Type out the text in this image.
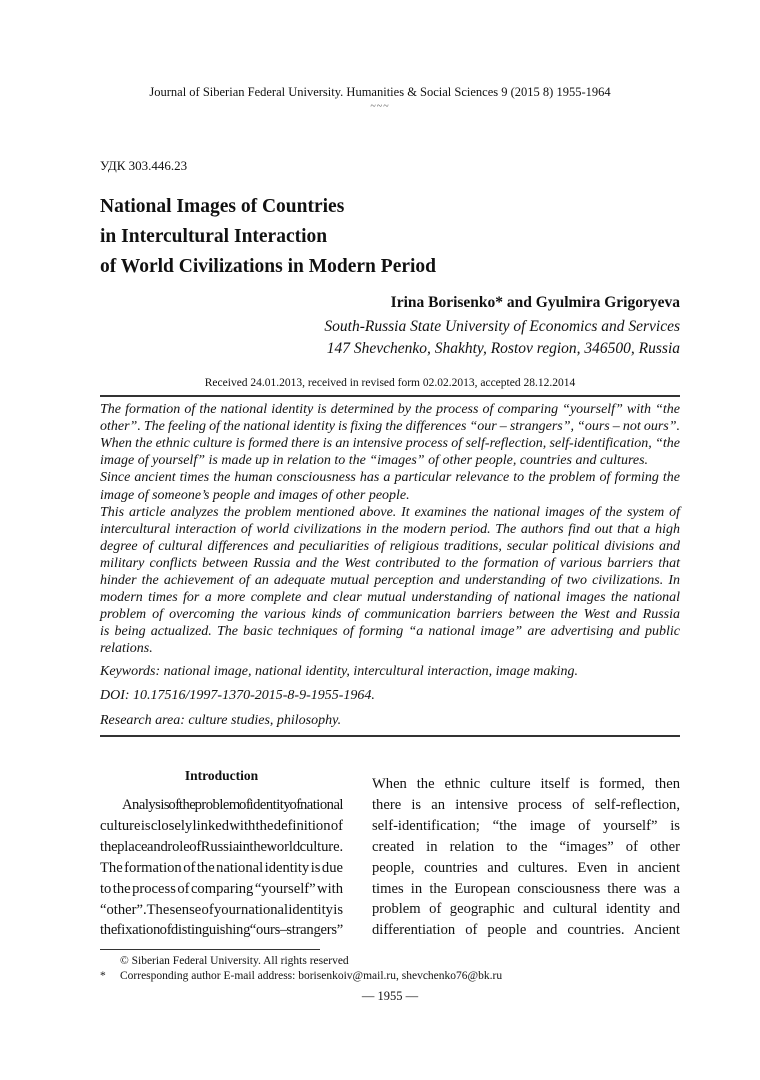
Journal of Siberian Federal University. Humanities & Social Sciences 9 (2015 8) 1955-1964
~~~
УДК 303.446.23
National Images of Countries
in Intercultural Interaction
of World Civilizations in Modern Period
Irina Borisenko* and Gyulmira Grigoryeva
South-Russia State University of Economics and Services
147 Shevchenko, Shakhty, Rostov region, 346500, Russia
Received 24.01.2013, received in revised form 02.02.2013, accepted 28.12.2014
The formation of the national identity is determined by the process of comparing “yourself” with “the
other”. The feeling of the national identity is fixing the differences “our – strangers”, “ours – not ours”.
When the ethnic culture is formed there is an intensive process of self-reflection, self-identification, “the
image of yourself” is made up in relation to the “images” of other people, countries and cultures.
Since ancient times the human consciousness has a particular relevance to the problem of forming the
image of someone’s people and images of other people.
This article analyzes the problem mentioned above. It examines the national images of the system of
intercultural interaction of world civilizations in the modern period. The authors find out that a high
degree of cultural differences and peculiarities of religious traditions, secular political divisions and
military conflicts between Russia and the West contributed to the formation of various barriers that
hinder the achievement of an adequate mutual perception and understanding of two civilizations. In
modern times for a more complete and clear mutual understanding of national images the national
problem of overcoming the various kinds of communication barriers between the West and Russia
is being actualized. The basic techniques of forming “a national image” are advertising and public
relations.
Keywords: national image, national identity, intercultural interaction, image making.
DOI: 10.17516/1997-1370-2015-8-9-1955-1964.
Research area: culture studies, philosophy.
Introduction
Analysis of the problem of identity of national
culture is closely linked with the definition of
the place and role of Russia in the world culture.
The formation of the national identity is due
to the process of comparing “yourself” with
“other”. The sense of your national identity is
the fixation of distinguishing “ours – strangers”
When the ethnic culture itself is formed, then
there is an intensive process of self-reflection,
self-identification; “the image of yourself” is
created in relation to the “images” of other
people, countries and cultures. Even in ancient
times in the European consciousness there was a
problem of geographic and cultural identity and
differentiation of people and countries. Ancient
© Siberian Federal University. All rights reserved
* Corresponding author E-mail address: borisenkoiv@mail.ru, shevchenko76@bk.ru
— 1955 —
